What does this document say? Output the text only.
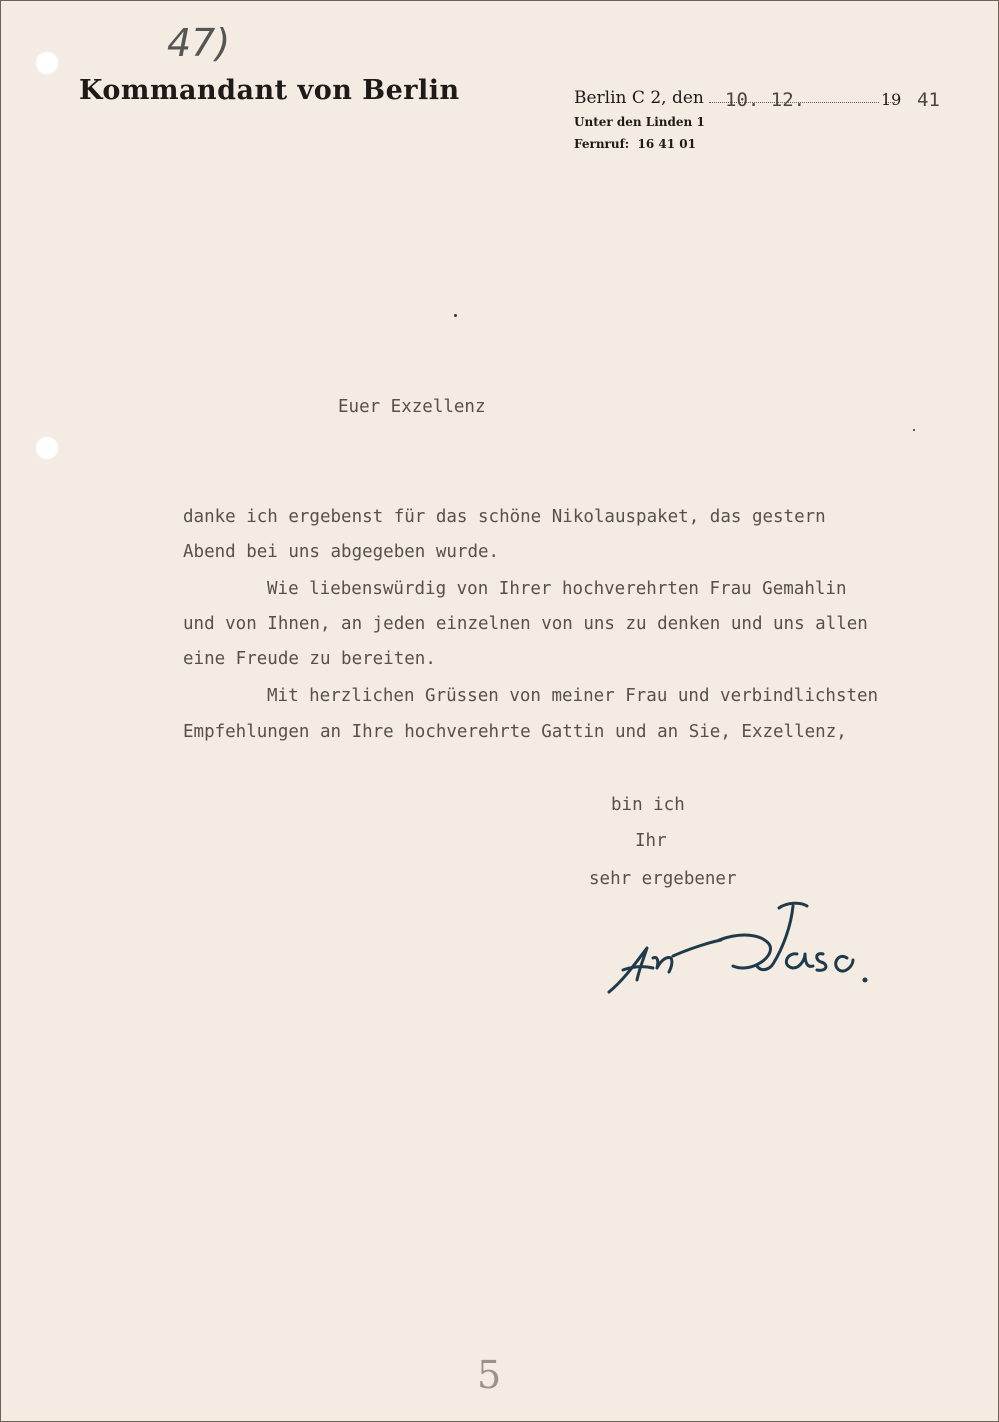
47)
Kommandant von Berlin	Berlin C 2, den	10. 12.	19 41
Unter den Linden 1
Fernruf:  16 41 01
Euer Exzellenz
danke ich ergebenst für das schöne Nikolauspaket, das gestern
Abend bei uns abgegeben wurde.
Wie liebenswürdig von Ihrer hochverehrten Frau Gemahlin
und von Ihnen, an jeden einzelnen von uns zu denken und uns allen
eine Freude zu bereiten.
Mit herzlichen Grüssen von meiner Frau und verbindlichsten
Empfehlungen an Ihre hochverehrte Gattin und an Sie, Exzellenz,
bin ich
Ihr
sehr ergebener
5
